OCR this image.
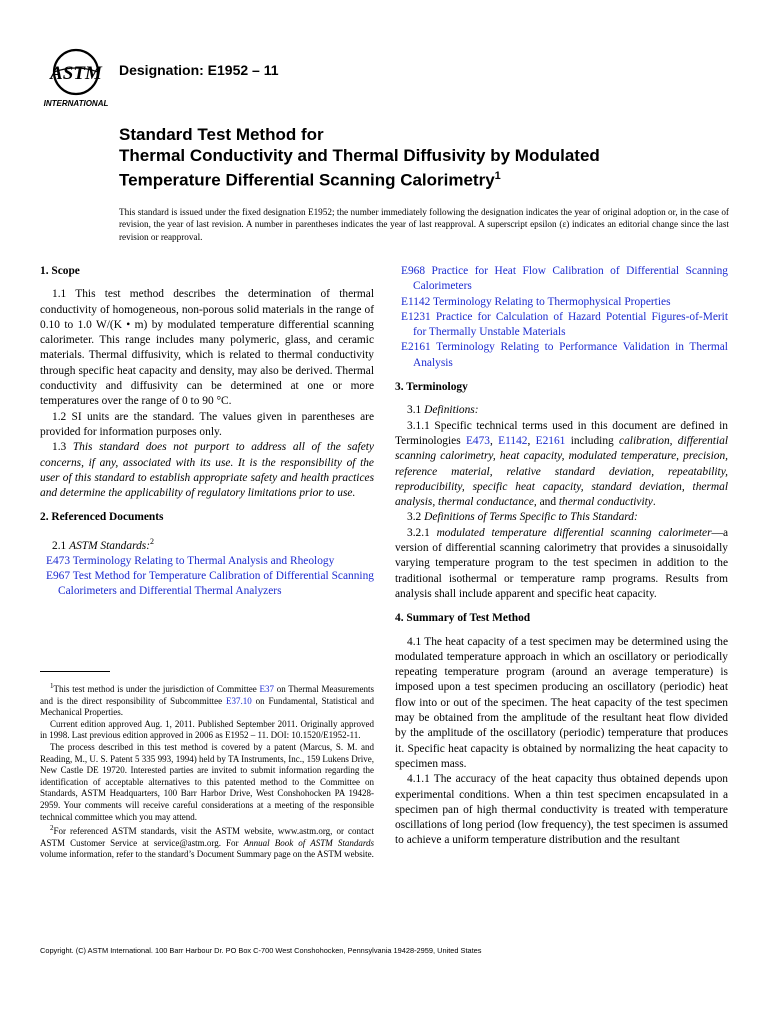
ASTM
INTERNATIONAL
Designation: E1952 – 11
Standard Test Method for
Thermal Conductivity and Thermal Diffusivity by Modulated
Temperature Differential Scanning Calorimetry$^1$
This standard is issued under the fixed designation E1952; the number immediately following the designation indicates the year of original adoption or, in the case of revision, the year of last revision. A number in parentheses indicates the year of last reapproval. A superscript epsilon (ε) indicates an editorial change since the last revision or reapproval.

1. Scope

1.1 This test method describes the determination of thermal conductivity of homogeneous, non-porous solid materials in the range of 0.10 to 1.0 W/(K • m) by modulated temperature differential scanning calorimeter. This range includes many polymeric, glass, and ceramic materials. Thermal diffusivity, which is related to thermal conductivity through specific heat capacity and density, may also be derived. Thermal conductivity and diffusivity can be determined at one or more temperatures over the range of 0 to 90 °C.

1.2 SI units are the standard. The values given in parentheses are provided for information purposes only.

1.3 This standard does not purport to address all of the safety concerns, if any, associated with its use. It is the responsibility of the user of this standard to establish appropriate safety and health practices and determine the applicability of regulatory limitations prior to use.

2. Referenced Documents

2.1 ASTM Standards:$^2$

E473 Terminology Relating to Thermal Analysis and Rheology

E967 Test Method for Temperature Calibration of Differential Scanning Calorimeters and Differential Thermal Analyzers

E968 Practice for Heat Flow Calibration of Differential Scanning Calorimeters

E1142 Terminology Relating to Thermophysical Properties

E1231 Practice for Calculation of Hazard Potential Figures-of-Merit for Thermally Unstable Materials

E2161 Terminology Relating to Performance Validation in Thermal Analysis

3. Terminology

3.1 Definitions:

3.1.1 Specific technical terms used in this document are defined in Terminologies E473, E1142, E2161 including calibration, differential scanning calorimetry, heat capacity, modulated temperature, precision, reference material, relative standard deviation, repeatability, reproducibility, specific heat capacity, standard deviation, thermal analysis, thermal conductance, and thermal conductivity.

3.2 Definitions of Terms Specific to This Standard:

3.2.1 modulated temperature differential scanning calorimeter—a version of differential scanning calorimetry that provides a sinusoidally varying temperature program to the test specimen in addition to the traditional isothermal or temperature ramp programs. Results from analysis shall include apparent and specific heat capacity.

4. Summary of Test Method

4.1 The heat capacity of a test specimen may be determined using the modulated temperature approach in which an oscillatory or periodically repeating temperature program (around an average temperature) is imposed upon a test specimen producing an oscillatory (periodic) heat flow into or out of the specimen. The heat capacity of the test specimen may be obtained from the amplitude of the resultant heat flow divided by the amplitude of the oscillatory (periodic) temperature that produces it. Specific heat capacity is obtained by normalizing the heat capacity to specimen mass.

4.1.1 The accuracy of the heat capacity thus obtained depends upon experimental conditions. When a thin test specimen encapsulated in a specimen pan of high thermal conductivity is treated with temperature oscillations of long period (low frequency), the test specimen is assumed to achieve a uniform temperature distribution and the resultant

$^1$This test method is under the jurisdiction of Committee E37 on Thermal Measurements and is the direct responsibility of Subcommittee E37.10 on Fundamental, Statistical and Mechanical Properties.

Current edition approved Aug. 1, 2011. Published September 2011. Originally approved in 1998. Last previous edition approved in 2006 as E1952 – 11. DOI: 10.1520/E1952-11.

The process described in this test method is covered by a patent (Marcus, S. M. and Reading, M., U. S. Patent 5 335 993, 1994) held by TA Instruments, Inc., 159 Lukens Drive, New Castle DE 19720. Interested parties are invited to submit information regarding the identification of acceptable alternatives to this patented method to the Committee on Standards, ASTM Headquarters, 100 Barr Harbor Drive, West Conshohocken PA 19428-2959. Your comments will receive careful considerations at a meeting of the responsible technical committee which you may attend.

$^2$For referenced ASTM standards, visit the ASTM website, www.astm.org, or contact ASTM Customer Service at service@astm.org. For Annual Book of ASTM Standards volume information, refer to the standard’s Document Summary page on the ASTM website.

Copyright. (C) ASTM International. 100 Barr Harbour Dr. PO Box C-700 West Conshohocken, Pennsylvania 19428-2959, United States
